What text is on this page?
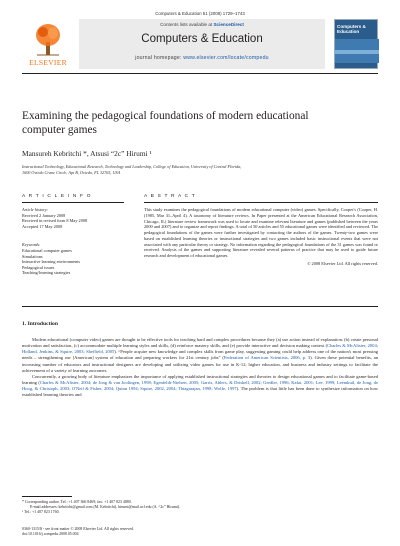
Computers & Education 51 (2008) 1729–1743
ELSEVIER
Contents lists available at ScienceDirect
Computers & Education
journal homepage: www.elsevier.com/locate/compedu
Computers & Education
Examining the pedagogical foundations of modern educational computer games
Mansureh Kebritchi *, Atsusi “2c” Hirumi ¹
Instructional Technology, Educational Research, Technology and Leadership, College of Education, University of Central Florida,
1600 Oviedo Crane Circle, Apt B, Oviedo, FL 32765, USA
A R T I C L E I N F O
Article history:
Received 2 January 2008
Received in revised form 8 May 2008
Accepted 17 May 2008
Keywords:
Educational computer games
Simulations
Interactive learning environments
Pedagogical issues
Teaching/learning strategies
A B S T R A C T
This study examines the pedagogical foundations of modern educational computer (video) games. Specifically, Cooper's (Cooper, H. (1985, Mar 31–April 4). A taxonomy of literature reviews. In Paper presented at the American Educational Research Association, Chicago, IL) literature review framework was used to locate and examine relevant literature and games (published between the years 2000 and 2007) and to organize and report findings. A total of 50 articles and 55 educational games were identified and reviewed. The pedagogical foundations of the games were further investigated by contacting the authors of the games. Twenty-two games were based on established learning theories or instructional strategies and two games included basic instructional events that were not associated with any particular theory or strategy. No information regarding the pedagogical foundations of the 31 games was found or received. Analysis of the games and supporting literature revealed several patterns of practice that may be used to guide future research and development of educational games.
© 2008 Elsevier Ltd. All rights reserved.
1. Introduction

Modern educational (computer video) games are thought to be effective tools for teaching hard and complex procedures because they (a) use action instead of explanation, (b) create personal motivation and satisfaction, (c) accommodate multiple learning styles and skills, (d) reinforce mastery skills, and (e) provide interactive and decision making context (Charles & McAlister, 2004; Holland, Jenkins, & Squire, 2003; Sheffield, 2005). “People acquire new knowledge and complex skills from game play, suggesting gaming could help address one of the nation's most pressing needs – strengthening our [American] system of education and preparing workers for 21st century jobs” (Federation of American Scientists, 2006, p. 3). Given these potential benefits, an increasing number of educators and instructional designers are developing and utilizing video games for use in K-12, higher education, and business and industry settings to facilitate the achievement of a variety of learning outcomes.

Concurrently, a growing body of literature emphasizes the importance of applying established instructional strategies and theories to design educational games and to facilitate game-based learning (Charles & McAlister, 2004; de Jong & van Joolingen, 1998; Egenfeldt-Nielsen, 2005; Garris, Ahlers, & Driskell, 2002; Gredler, 1996; Kafai, 2001; Lee, 1999; Leemkuil, de Jong, de Hoog, & Christoph, 2003; O'Neil & Fisher, 2004; Quinn 1994; Squire, 2002, 2004; Thiagarajan, 1998; Wolfe, 1997). The problem is that little has been done to synthesize information on how established learning theories and

* Corresponding author. Tel.: +1 407 366 8469; fax: +1 407 823 4880.
E-mail addresses: kebritchi@gmail.com (M. Kebritchi), hirumi@mail.ucf.edu (A. “2c” Hirumi).
¹ Tel.: +1 407 823 1760.
0360-1315/$ - see front matter © 2008 Elsevier Ltd. All rights reserved.
doi:10.1016/j.compedu.2008.05.004
